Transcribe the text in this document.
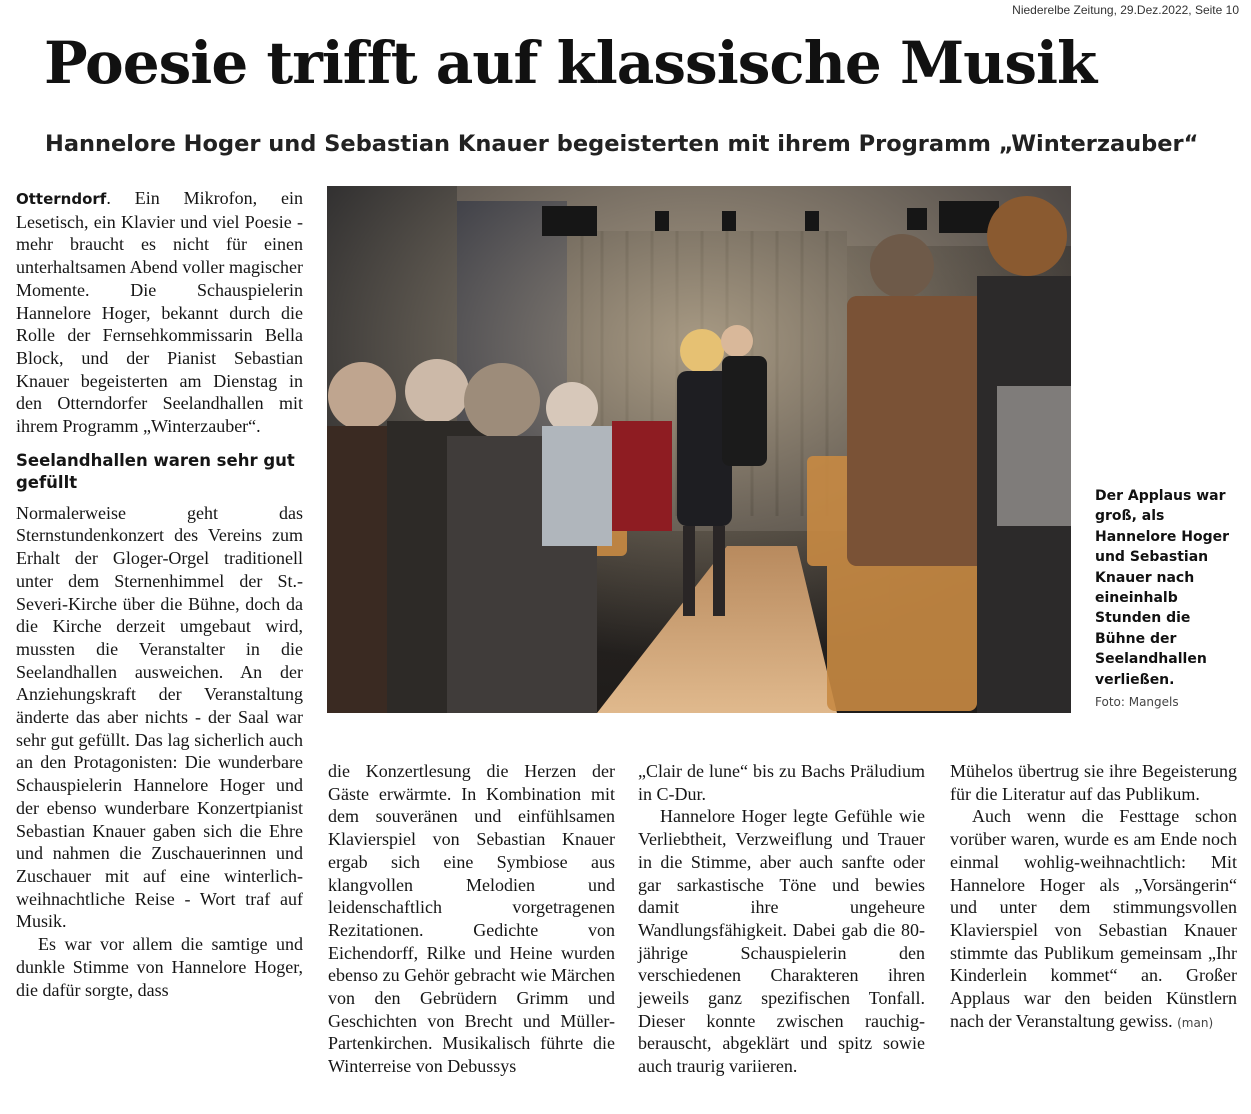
Niederelbe Zeitung, 29.Dez.2022, Seite 10
Poesie trifft auf klassische Musik
Hannelore Hoger und Sebastian Knauer begeisterten mit ihrem Programm „Winterzauber“

Otterndorf. Ein Mikrofon, ein Lesetisch, ein Klavier und viel Poesie - mehr braucht es nicht für einen unterhaltsamen Abend voller magischer Momente. Die Schauspielerin Hannelore Hoger, bekannt durch die Rolle der Fernsehkommissarin Bella Block, und der Pianist Sebastian Knauer begeisterten am Dienstag in den Otterndorfer Seelandhallen mit ihrem Programm „Winterzauber“.

Seelandhallen waren sehr gut gefüllt

Normalerweise geht das Sternstundenkonzert des Vereins zum Erhalt der Gloger-Orgel traditionell unter dem Sternenhimmel der St.-Severi-Kirche über die Bühne, doch da die Kirche derzeit umgebaut wird, mussten die Veranstalter in die Seelandhallen ausweichen. An der Anziehungskraft der Veranstaltung änderte das aber nichts - der Saal war sehr gut gefüllt. Das lag sicherlich auch an den Protagonisten: Die wunderbare Schauspielerin Hannelore Hoger und der ebenso wunderbare Konzertpianist Sebastian Knauer gaben sich die Ehre und nahmen die Zuschauerinnen und Zuschauer mit auf eine winterlich-weihnachtliche Reise - Wort traf auf Musik.

Es war vor allem die samtige und dunkle Stimme von Hannelore Hoger, die dafür sorgte, dass

Der Applaus war groß, als Hannelore Hoger und Sebastian Knauer nach eineinhalb Stunden die Bühne der Seelandhallen verließen.
Foto: Mangels

die Konzertlesung die Herzen der Gäste erwärmte. In Kombination mit dem souveränen und einfühlsamen Klavierspiel von Sebastian Knauer ergab sich eine Symbiose aus klangvollen Melodien und leidenschaftlich vorgetragenen Rezitationen. Gedichte von Eichendorff, Rilke und Heine wurden ebenso zu Gehör gebracht wie Märchen von den Gebrüdern Grimm und Geschichten von Brecht und Müller-Partenkirchen. Musikalisch führte die Winterreise von Debussys

„Clair de lune“ bis zu Bachs Präludium in C-Dur.

Hannelore Hoger legte Gefühle wie Verliebtheit, Verzweiflung und Trauer in die Stimme, aber auch sanfte oder gar sarkastische Töne und bewies damit ihre ungeheure Wandlungsfähigkeit. Dabei gab die 80-jährige Schauspielerin den verschiedenen Charakteren ihren jeweils ganz spezifischen Tonfall. Dieser konnte zwischen rauchig-berauscht, abgeklärt und spitz sowie auch traurig variieren.

Mühelos übertrug sie ihre Begeisterung für die Literatur auf das Publikum.

Auch wenn die Festtage schon vorüber waren, wurde es am Ende noch einmal wohlig-weihnachtlich: Mit Hannelore Hoger als „Vorsängerin“ und unter dem stimmungsvollen Klavierspiel von Sebastian Knauer stimmte das Publikum gemeinsam „Ihr Kinderlein kommet“ an. Großer Applaus war den beiden Künstlern nach der Veranstaltung gewiss. (man)
